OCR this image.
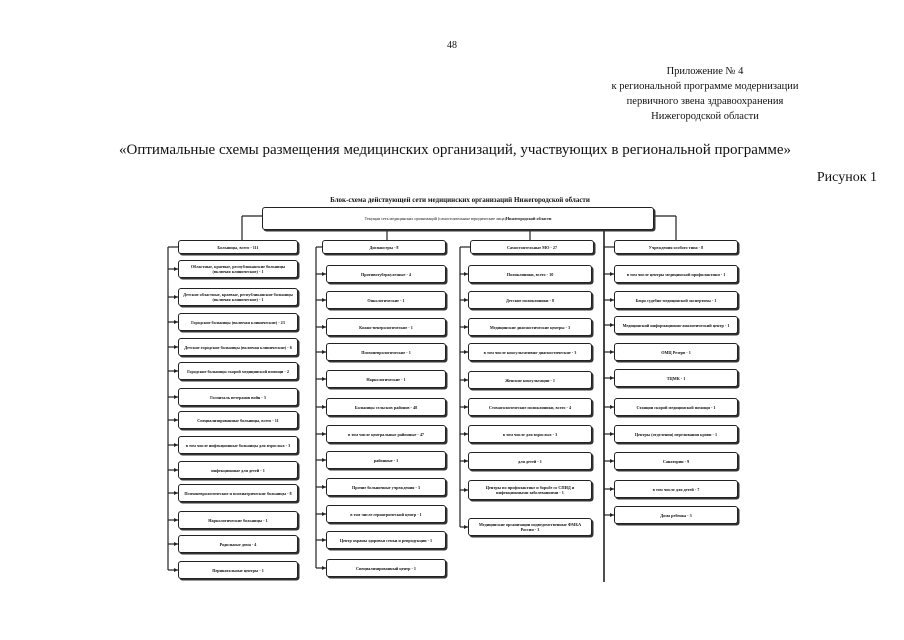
48
Приложение № 4
к региональной программе модернизации
первичного звена здравоохранения
Нижегородской области
«Оптимальные схемы размещения медицинских организаций, участвующих в региональной программе»
Рисунок 1
Блок-схема действующей сети медицинских организаций Нижегородской области
Текущая сеть медицинских организаций (самостоятельные юридические лица) Нижегородской области
Больницы, всего - 111
Областные, краевые, республиканские больницы (включая клинические) - 1
Детские областные, краевые, республиканские больницы (включая клинические) - 1
Городские больницы (включая клинические) - 23
Детские городские больницы (включая клинические) - 6
Городские больницы скорой медицинской помощи - 2
Госпиталь ветеранов войн - 3
Специализированные больницы, всего - 11
в том числе инфекционные больницы для взрослых - 3
инфекционные для детей - 1
Психоневрологические и психиатрические больницы - 8
Наркологические больницы - 1
Родильные дома - 4
Перинатальные центры - 1
Диспансеры - 8
Противотуберкулезные - 4
Онкологические - 1
Кожно-венерологические - 1
Психоневрологические - 1
Наркологические - 1
Больницы сельских районов - 48
в том числе центральные районные - 47
районные - 1
Прочие больничные учреждения - 3
в том числе гериатрический центр - 1
Центр охраны здоровья семьи и репродукции - 1
Специализированный центр - 1
Самостоятельные МО - 27
Поликлиники, всего - 10
Детские поликлиники - 8
Медицинские диагностические центры - 3
в том числе консультативно-диагностические - 3
Женские консультации - 1
Стоматологические поликлиники, всего - 4
в том числе для взрослых - 3
для детей - 1
Центры по профилактике и борьбе со СПИД и инфекционными заболеваниями - 1
Медицинские организации подведомственные ФМБА России - 3
Учреждения особого типа - 8
в том числе центры медицинской профилактики - 1
Бюро судебно-медицинской экспертизы - 1
Медицинский информационно-аналитический центр - 1
ОМЦ Резерв - 1
ТЦМК - 1
Станции скорой медицинской помощи - 1
Центры (отделения) переливания крови - 1
Санатории - 9
в том числе для детей - 7
Дома ребенка - 3
